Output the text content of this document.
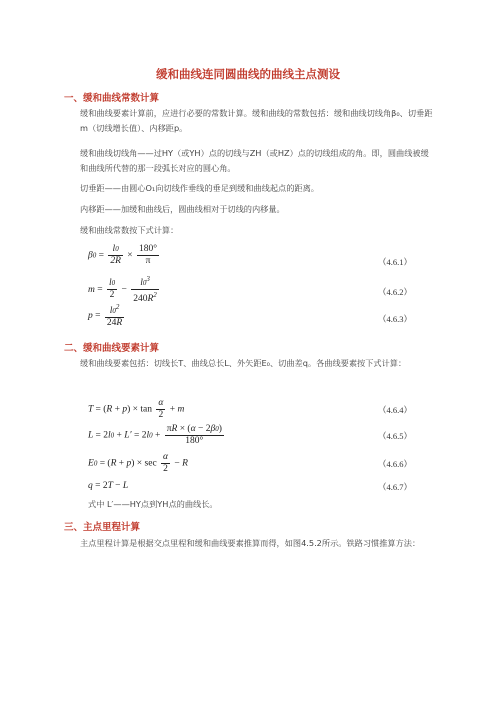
缓和曲线连同圆曲线的曲线主点测设
一、缓和曲线常数计算
缓和曲线要素计算前，应进行必要的常数计算。缓和曲线的常数包括：缓和曲线切线角β₀、切垂距m（切线增长值）、内移距p。
缓和曲线切线角——过HY（或YH）点的切线与ZH（或HZ）点的切线组成的角。即，圆曲线被缓和曲线所代替的那一段弧长对应的圆心角。
切垂距——由圆心O₁向切线作垂线的垂足到缓和曲线起点的距离。
内移距——加缓和曲线后，圆曲线相对于切线的内移量。
缓和曲线常数按下式计算：
$\beta 0 = \frac{l0}{2R} \times \frac{180^\circ}{\pi}$	（4.6.1）
$m = \frac{l0}{2} - \frac{l0^3}{240R^2}$	（4.6.2）
$p = \frac{l0^2}{24R}$	（4.6.3）
二、缓和曲线要素计算
缓和曲线要素包括：切线长T、曲线总长L、外矢距E₀、切曲差q。各曲线要素按下式计算：
$T = (R + p) \times \tan \frac{\alpha}{2} + m$	（4.6.4）
$L = 2l0 + L' = 2l0 + \frac{\pi R \times (\alpha - 2\beta 0)}{180^\circ}$	（4.6.5）
$E0 = (R + p) \times \sec \frac{\alpha}{2} - R$	（4.6.6）
q = 2T − L	（4.6.7）
式中 L′——HY点到YH点的曲线长。
三、主点里程计算
主点里程计算是根据交点里程和缓和曲线要素推算而得，如图4.5.2所示。铁路习惯推算方法：
